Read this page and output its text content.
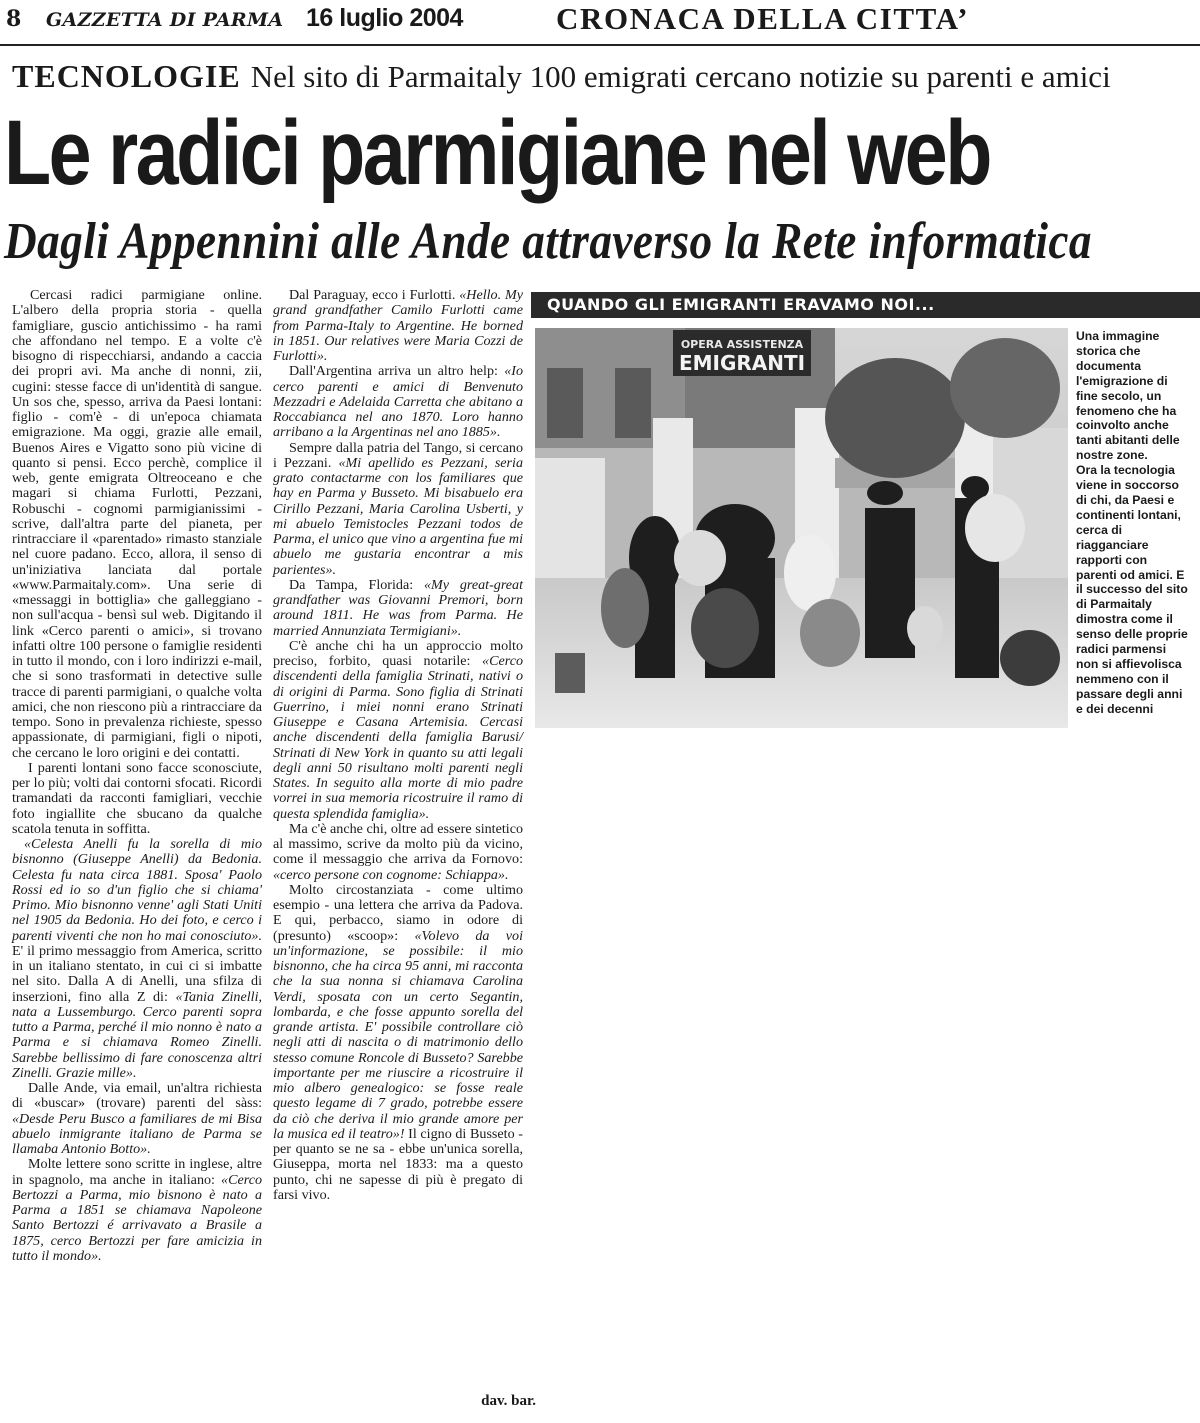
8 GAZZETTA DI PARMA 16 luglio 2004	CRONACA DELLA CITTA’
TECNOLOGIE Nel sito di Parmaitaly 100 emigrati cercano notizie su parenti e amici
Le radici parmigiane nel web
Dagli Appennini alle Ande attraverso la Rete informatica

Cercasi radici parmigiane online. L'albero della propria storia - quella famigliare, guscio antichissimo - ha rami che affondano nel tempo. E a volte c'è bisogno di rispecchiarsi, andando a caccia dei propri avi. Ma anche di nonni, zii, cugini: stesse facce di un'identità di sangue. Un sos che, spesso, arriva da Paesi lontani: figlio - com'è - di un'epoca chiamata emigrazione. Ma oggi, grazie alle email, Buenos Aires e Vigatto sono più vicine di quanto si pensi. Ecco perchè, complice il web, gente emigrata Oltreoceano e che magari si chiama Furlotti, Pezzani, Robuschi - cognomi parmigianissimi - scrive, dall'altra parte del pianeta, per rintracciare il «parentado» rimasto stanziale nel cuore padano. Ecco, allora, il senso di un'iniziativa lanciata dal portale «www.Parmaitaly.com». Una serie di «messaggi in bottiglia» che galleggiano - non sull'acqua - bensì sul web. Digitando il link «Cerco parenti o amici», si trovano infatti oltre 100 persone o famiglie residenti in tutto il mondo, con i loro indirizzi e-mail, che si sono trasformati in detective sulle tracce di parenti parmigiani, o qualche volta amici, che non riescono più a rintracciare da tempo. Sono in prevalenza richieste, spesso appassionate, di parmigiani, figli o nipoti, che cercano le loro origini e dei contatti.

I parenti lontani sono facce sconosciute, per lo più; volti dai contorni sfocati. Ricordi tramandati da racconti famigliari, vecchie foto ingiallite che sbucano da qualche scatola tenuta in soffitta.

«Celesta Anelli fu la sorella di mio bisnonno (Giuseppe Anelli) da Bedonia. Celesta fu nata circa 1881. Sposa' Paolo Rossi ed io so d'un figlio che si chiama' Primo. Mio bisnonno venne' agli Stati Uniti nel 1905 da Bedonia. Ho dei foto, e cerco i parenti viventi che non ho mai conosciuto». E' il primo messaggio from America, scritto in un italiano stentato, in cui ci si imbatte nel sito. Dalla A di Anelli, una sfilza di inserzioni, fino alla Z di: «Tania Zinelli, nata a Lussemburgo. Cerco parenti sopra tutto a Parma, perché il mio nonno è nato a Parma e si chiamava Romeo Zinelli. Sarebbe bellissimo di fare conoscenza altri Zinelli. Grazie mille».

Dalle Ande, via email, un'altra richiesta di «buscar» (trovare) parenti del sàss: «Desde Peru Busco a familiares de mi Bisa abuelo inmigrante italiano de Parma se llamaba Antonio Botto».

Molte lettere sono scritte in inglese, altre in spagnolo, ma anche in italiano: «Cerco Bertozzi a Parma, mio bisnono è nato a Parma a 1851 se chiamava Napoleone Santo Bertozzi é arrivavato a Brasile a 1875, cerco Bertozzi per fare amicizia in tutto il mondo».

Dal Paraguay, ecco i Furlotti. «Hello. My grand grandfather Camilo Furlotti came from Parma-Italy to Argentine. He borned in 1851. Our relatives were Maria Cozzi de Furlotti».

Dall'Argentina arriva un altro help: «Io cerco parenti e amici di Benvenuto Mezzadri e Adelaida Carretta che abitano a Roccabianca nel ano 1870. Loro hanno arribano a la Argentinas nel ano 1885».

Sempre dalla patria del Tango, si cercano i Pezzani. «Mi apellido es Pezzani, seria grato contactarme con los familiares que hay en Parma y Busseto. Mi bisabuelo era Cirillo Pezzani, Maria Carolina Usberti, y mi abuelo Temistocles Pezzani todos de Parma, el unico que vino a argentina fue mi abuelo me gustaria encontrar a mis parientes».

Da Tampa, Florida: «My great-great grandfather was Giovanni Premori, born around 1811. He was from Parma. He married Annunziata Termigiani».

C'è anche chi ha un approccio molto preciso, forbito, quasi notarile: «Cerco discendenti della famiglia Strinati, nativi o di origini di Parma. Sono figlia di Strinati Guerrino, i miei nonni erano Strinati Giuseppe e Casana Artemisia. Cercasi anche discendenti della famiglia Barusi/ Strinati di New York in quanto su atti legali degli anni 50 risultano molti parenti negli States. In seguito alla morte di mio padre vorrei in sua memoria ricostruire il ramo di questa splendida famiglia».

Ma c'è anche chi, oltre ad essere sintetico al massimo, scrive da molto più da vicino, come il messaggio che arriva da Fornovo: «cerco persone con cognome: Schiappa».

Molto circostanziata - come ultimo esempio - una lettera che arriva da Padova. E qui, perbacco, siamo in odore di (presunto) «scoop»: «Volevo da voi un'informazione, se possibile: il mio bisnonno, che ha circa 95 anni, mi racconta che la sua nonna si chiamava Carolina Verdi, sposata con un certo Segantin, lombarda, e che fosse appunto sorella del grande artista. E' possibile controllare ciò negli atti di nascita o di matrimonio dello stesso comune Roncole di Busseto? Sarebbe importante per me riuscire a ricostruire il mio albero genealogico: se fosse reale questo legame di 7 grado, potrebbe essere da ciò che deriva il mio grande amore per la musica ed il teatro»! Il cigno di Busseto - per quanto se ne sa - ebbe un'unica sorella, Giuseppa, morta nel 1833: ma a questo punto, chi ne sapesse di più è pregato di farsi vivo.

dav. bar.
QUANDO GLI EMIGRANTI ERAVAMO NOI...
OPERA ASSISTENZA
EMIGRANTI
Una immagine
storica che
documenta
l'emigrazione di
fine secolo, un
fenomeno che ha
coinvolto anche
tanti abitanti delle
nostre zone.
Ora la tecnologia
viene in soccorso
di chi, da Paesi e
continenti lontani,
cerca di
riagganciare
rapporti con
parenti od amici. E
il successo del sito
di Parmaitaly
dimostra come il
senso delle proprie
radici parmensi
non si affievolisca
nemmeno con il
passare degli anni
e dei decenni
